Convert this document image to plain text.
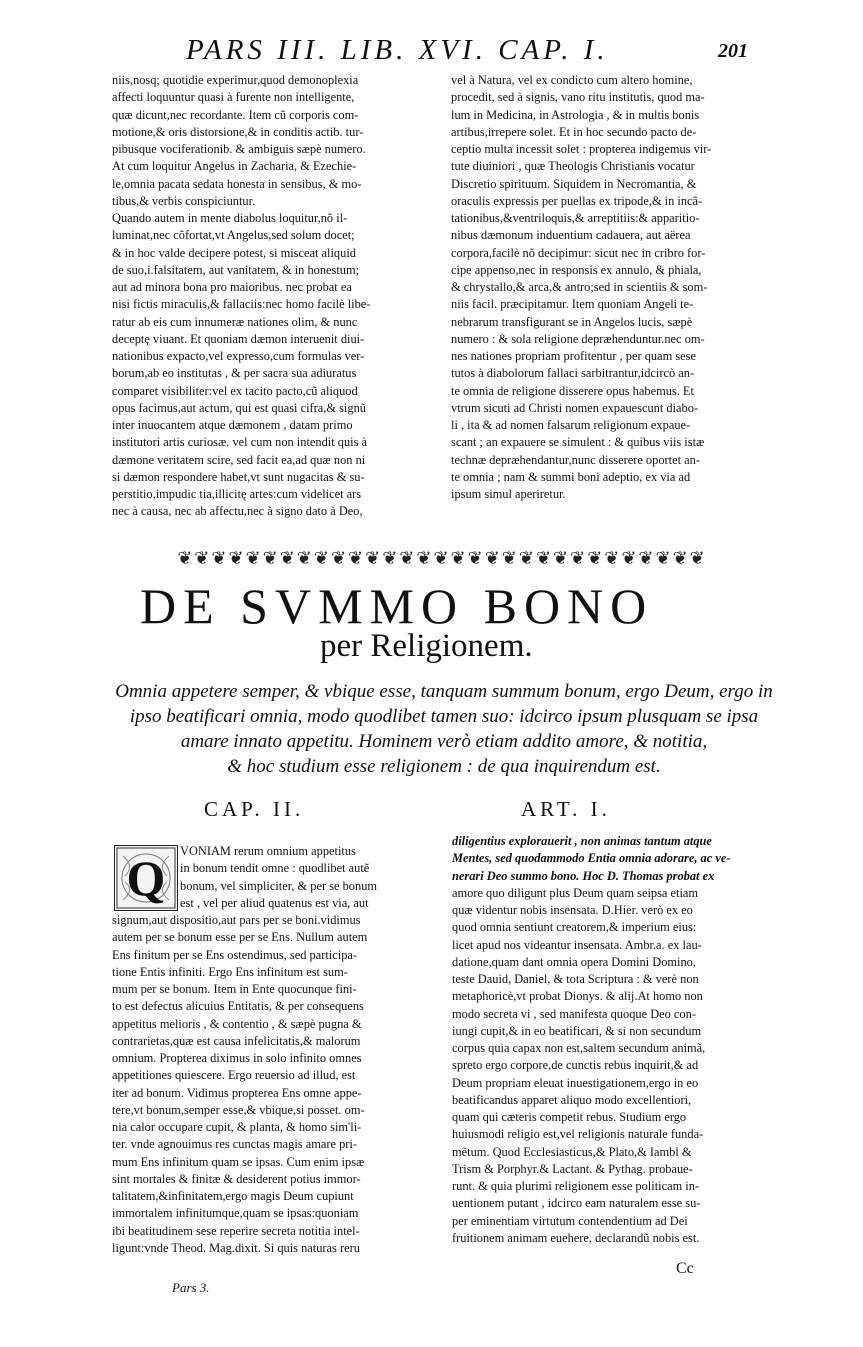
PARS III. LIB. XVI. CAP. I.	201
niis,nosq; quotidie experimur,quod demonoplexia
affecti loquuntur quasi à furente non intelligente,
quæ dicunt,nec recordante. Item cũ corporis com-
motione,& oris distorsione,& in conditis actib. tur-
pibusque vociferationib. & ambiguis sæpè numero.
At cum loquitur Angelus in Zacharia, & Ezechie-
le,omnia pacata sedata honesta in sensibus, & mo-
tibus,& verbis conspiciuntur.
Quando autem in mente diabolus loquitur,nõ il-
luminat,nec cõfortat,vt Angelus,sed solum docet;
& in hoc valde decipere potest, si misceat aliquid
de suo,i.falsitatem, aut vanitatem, & in honestum;
aut ad minora bona pro maioribus. nec probat ea
nisi fictis miraculis,& fallaciis:nec homo facilè libe-
ratur ab eis cum innumeræ nationes olim, & nunc
deceptę viuant. Et quoniam dæmon interuenit diui-
nationibus expacto,vel expresso,cum formulas ver-
borum,ab eo institutas , & per sacra sua adiuratus
comparet visibiliter:vel ex tacito pacto,cũ aliquod
opus facimus,aut actum, qui est quasi cifra,& signũ
inter inuocantem atque dæmonem , datam primo
institutori artis curiosæ. vel cum non intendit quis à
dæmone veritatem scire, sed facit ea,ad quæ non ni
si dæmon respondere habet,vt sunt nugacitas & su-
perstitio,impudic tia,illicitę artes:cum videlicet ars
nec à causa, nec ab affectu,nec à signo dato à Deo,
vel à Natura, vel ex condicto cum altero homine,
procedit, sed à signis, vano ritu institutis, quod ma-
lum in Medicina, in Astrologia , & in multis bonis
artibus,irrepere solet. Et in hoc secundo pacto de-
ceptio multa incessit solet : propterea indigemus vir-
tute diuiniori , quæ Theologis Christianis vocatur
Discretio spirituum. Siquidem in Necromantia, &
oraculis expressis per puellas ex tripode,& in incã-
tationibus,&ventriloquis,& arreptitiis:& apparitio-
nibus dæmonum induentium cadauera, aut aërea
corpora,facilè nõ decipimur: sicut nec in cribro for-
cipe appenso,nec in responsis ex annulo, & phiala,
& chrystallo,& arca,& antro;sed in scientiis & som-
niis facil. præcipitamur. Item quoniam Angeli te-
nebrarum transfigurant se in Angelos lucis, sæpè
numero : & sola religione depræhenduntur.nec om-
nes nationes propriam profitentur , per quam sese
tutos à diabolorum fallaci sarbitrantur,idcircò an-
te omnia de religione disserere opus habemus. Et
vtrum sicuti ad Christi nomen expauescunt diabo-
li , ita & ad nomen falsarum religionum expaue-
scant ; an expauere se simulent : & quibus viis istæ
technæ depræhendantur,nunc disserere oportet an-
te omnia ; nam & summi boni adeptio, ex via ad
ipsum simul aperiretur.
❦❦❦❦❦❦❦❦❦❦❦❦❦❦❦❦❦❦❦❦❦❦❦❦❦❦❦❦❦❦❦
DE SVMMO BONO
per Religionem.
Omnia appetere semper, & vbique esse, tanquam summum bonum, ergo Deum, ergo in
ipso beatificari omnia, modo quodlibet tamen suo: idcirco ipsum plusquam se ipsa
amare innato appetitu. Hominem verò etiam addito amore, & notitia,
& hoc studium esse religionem : de qua inquirendum est.
CAP. II.	ART. I.
Q	VONIAM rerum omnium appetitus
in bonum tendit omne : quodlibet autẽ
bonum, vel simpliciter, & per se bonum
est , vel per aliud quatenus est via, aut
signum,aut dispositio,aut pars per se boni.vidimus
autem per se bonum esse per se Ens. Nullum autem
Ens finitum per se Ens ostendimus, sed participa-
tione Entis infiniti. Ergo Ens infinitum est sum-
mum per se bonum. Item in Ente quocunque fini-
to est defectus alicuius Entitatis, & per consequens
appetitus melioris , & contentio , & sæpè pugna &
contrarietas,quæ est causa infelicitatis,& malorum
omnium. Propterea diximus in solo infinito omnes
appetitiones quiescere. Ergo reuersio ad illud, est
iter ad bonum. Vidimus propterea Ens omne appe-
tere,vt bonum,semper esse,& vbique,si posset. om-
nia calor occupare cupit, & planta, & homo sim'li-
ter. vnde agnouimus res cunctas magis amare pri-
mum Ens infinitum quam se ipsas. Cum enim ipsæ
sint mortales & finitæ & desiderent potius immor-
talitatem,&infinitatem,ergo magis Deum cupiunt
immortalem infinitumque,quam se ipsas:quoniam
ibi beatitudinem sese reperire secreta notitia intel-
ligunt:vnde Theod. Mag.dixit. Si quis naturas reru
diligentius explorauerit , non animas tantum atque
Mentes, sed quodammodo Entia omnia adorare, ac ve-
nerari Deo summo bono. Hoc D. Thomas probat ex
amore quo diligunt plus Deum quam seipsa etiam
quæ videntur nobis insensata. D.Hier. verò ex eo
quod omnia sentiunt creatorem,& imperium eius:
licet apud nos videantur insensata. Ambr.a. ex lau-
datione,quam dant omnia opera Domini Domino,
teste Dauid, Daniel, & tota Scriptura : & verè non
metaphoricè,vt probat Dionys. & alij.At homo non
modo secreta vi , sed manifesta quoque Deo con-
iungi cupit,& in eo beatificari, & si non secundum
corpus quia capax non est,saltem secundum animã,
spreto ergo corpore,de cunctis rebus inquirit,& ad
Deum propriam eleuat inuestigationem,ergo in eo
beatificandus apparet aliquo modo excellentiori,
quam qui cæteris competit rebus. Studium ergo
huiusmodi religio est,vel religionis naturale funda-
mẽtum. Quod Ecclesiasticus,& Plato,& Iambl &
Trism & Porphyr.& Lactant. & Pythag. probaue-
runt. & quia plurimi religionem esse politicam in-
uentionem putant , idcirco eam naturalem esse su-
per eminentiam virtutum contendentium ad Dei
fruitionem animam euehere, declarandũ nobis est.
Pars 3.
Cc
